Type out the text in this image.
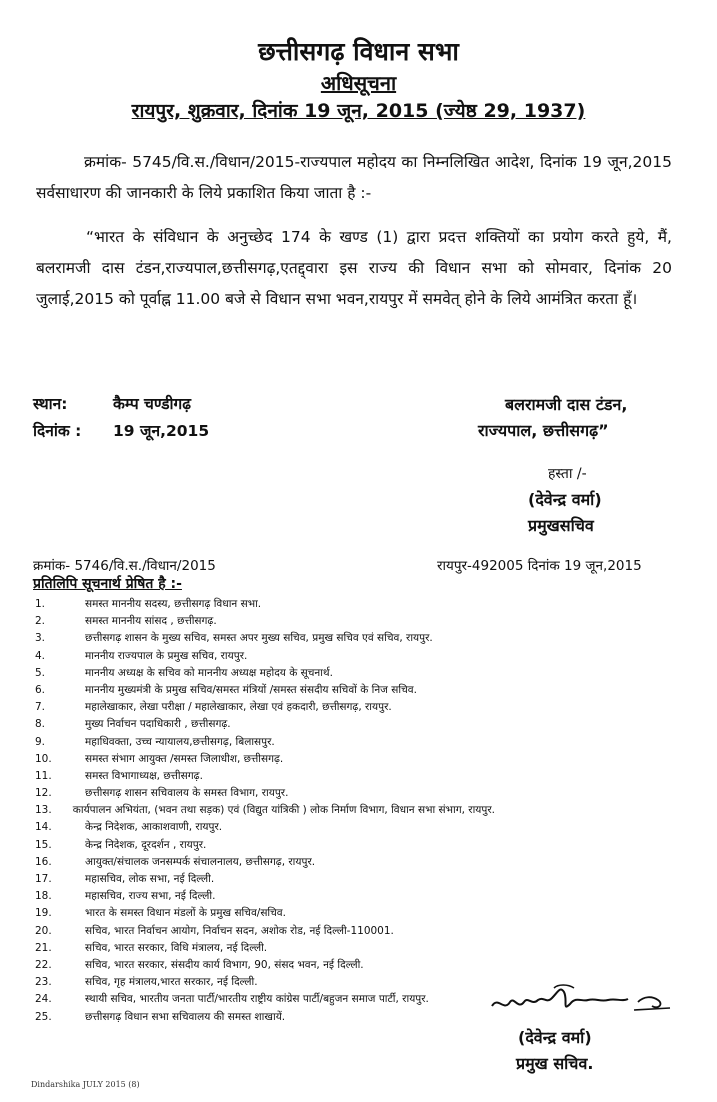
छत्तीसगढ़ विधान सभा
अधिसूचना
रायपुर, शुक्रवार, दिनांक 19 जून, 2015 (ज्येष्ठ 29, 1937)
क्रमांक- 5745/वि.स./विधान/2015-राज्यपाल महोदय का निम्नलिखित आदेश, दिनांक 19 जून,2015 सर्वसाधारण की जानकारी के लिये प्रकाशित किया जाता है :-
“भारत के संविधान के अनुच्छेद 174 के खण्ड (1) द्वारा प्रदत्त शक्तियों का प्रयोग करते हुये, मैं, बलरामजी दास टंडन,राज्यपाल,छत्तीसगढ़,एतद्द्वारा इस राज्य की विधान सभा को सोमवार, दिनांक 20 जुलाई,2015 को पूर्वाह्न 11.00 बजे से विधान सभा भवन,रायपुर में समवेत् होने के लिये आमंत्रित करता हूँ।
स्थान:	कैम्प चण्डीगढ़
दिनांक : 19 जून,2015
बलरामजी दास टंडन,
राज्यपाल, छत्तीसगढ़”
हस्ता /-
(देवेन्द्र वर्मा)
प्रमुखसचिव
क्रमांक- 5746/वि.स./विधान/2015	रायपुर-492005 दिनांक 19 जून,2015
प्रतिलिपि सूचनार्थ प्रेषित है :-
1.	समस्त माननीय सदस्य, छत्तीसगढ़ विधान सभा.
2.	समस्त माननीय सांसद , छत्तीसगढ़.
3.	छत्तीसगढ़ शासन के मुख्य सचिव, समस्त अपर मुख्य सचिव, प्रमुख सचिव एवं सचिव, रायपुर.
4.	माननीय राज्यपाल के प्रमुख सचिव, रायपुर.
5.	माननीय अध्यक्ष के सचिव को माननीय अध्यक्ष महोदय के सूचनार्थ.
6.	माननीय मुख्यमंत्री के प्रमुख सचिव/समस्त मंत्रियों /समस्त संसदीय सचिवों के निज सचिव.
7.	महालेखाकार, लेखा परीक्षा / महालेखाकार, लेखा एवं हकदारी, छत्तीसगढ़, रायपुर.
8.	मुख्य निर्वाचन पदाधिकारी , छत्तीसगढ़.
9.	महाधिवक्ता, उच्च न्यायालय,छत्तीसगढ़, बिलासपुर.
10.	समस्त संभाग आयुक्त /समस्त जिलाधीश, छत्तीसगढ़.
11.	समस्त विभागाध्यक्ष, छत्तीसगढ़.
12.	छत्तीसगढ़ शासन सचिवालय के समस्त विभाग, रायपुर.
13.	कार्यपालन अभियंता, (भवन तथा सड़क) एवं (विद्युत यांत्रिकी ) लोक निर्माण विभाग, विधान सभा संभाग, रायपुर.
14.	केन्द्र निदेशक, आकाशवाणी, रायपुर.
15.	केन्द्र निदेशक, दूरदर्शन , रायपुर.
16.	आयुक्त/संचालक जनसम्पर्क संचालनालय, छत्तीसगढ़, रायपुर.
17.	महासचिव, लोक सभा, नई दिल्ली.
18.	महासचिव, राज्य सभा, नई दिल्ली.
19.	भारत के समस्त विधान मंडलों के प्रमुख सचिव/सचिव.
20.	सचिव, भारत निर्वाचन आयोग, निर्वाचन सदन, अशोक रोड, नई दिल्ली-110001.
21.	सचिव, भारत सरकार, विधि मंत्रालय, नई दिल्ली.
22.	सचिव, भारत सरकार, संसदीय कार्य विभाग, 90, संसद भवन, नई दिल्ली.
23.	सचिव, गृह मंत्रालय,भारत सरकार, नई दिल्ली.
24.	स्थायी सचिव, भारतीय जनता पार्टी/भारतीय राष्ट्रीय कांग्रेस पार्टी/बहुजन समाज पार्टी, रायपुर.
25.	छत्तीसगढ़ विधान सभा सचिवालय की समस्त शाखायें.
(देवेन्द्र वर्मा)
प्रमुख सचिव.
Dindarshika JULY 2015 (8)
